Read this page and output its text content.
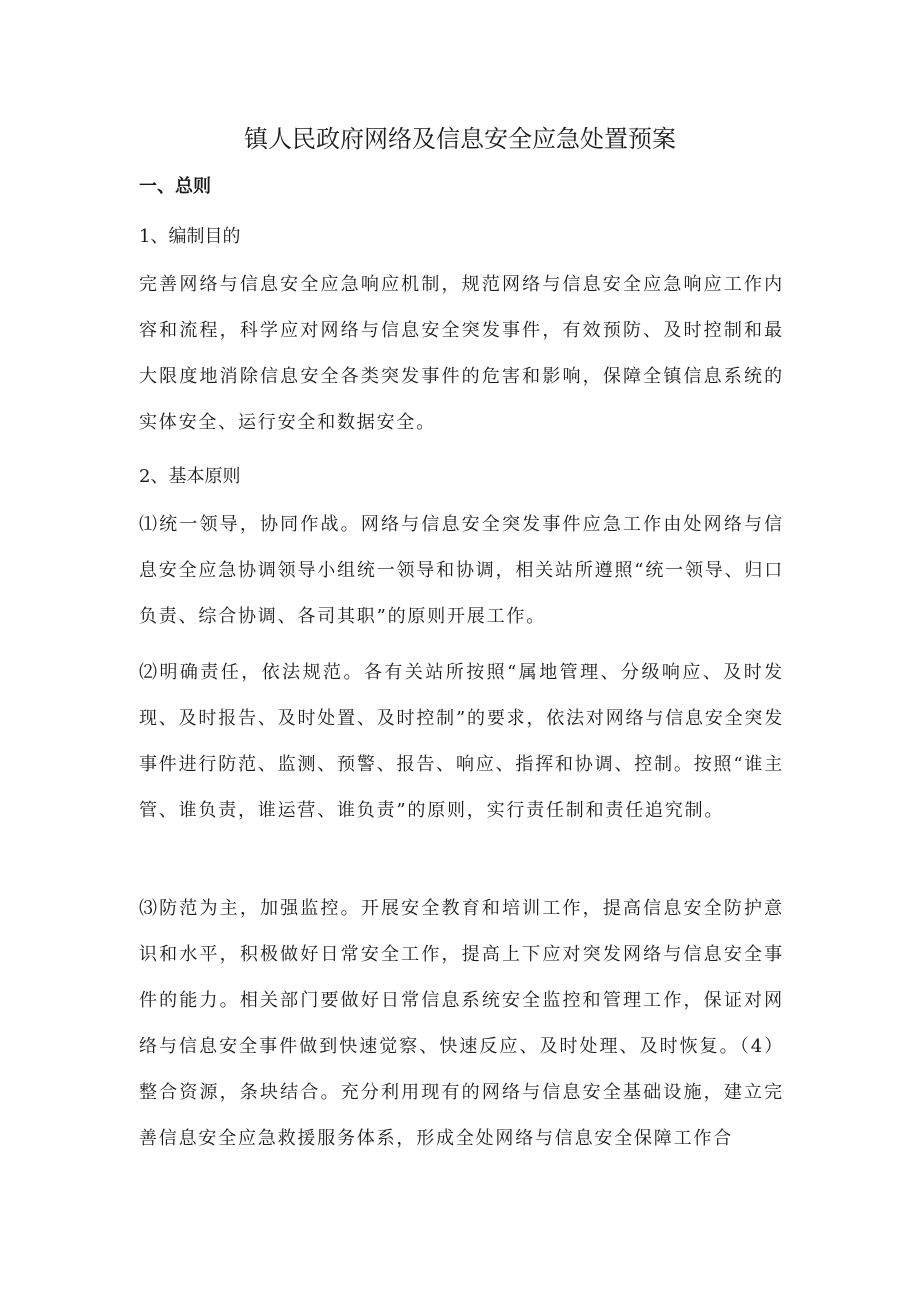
镇人民政府网络及信息安全应急处置预案
一、总则
1、编制目的

完善网络与信息安全应急响应机制，规范网络与信息安全应急响应工作内容和流程，科学应对网络与信息安全突发事件，有效预防、及时控制和最大限度地消除信息安全各类突发事件的危害和影响，保障全镇信息系统的实体安全、运行安全和数据安全。

2、基本原则

⑴统一领导，协同作战。网络与信息安全突发事件应急工作由处网络与信息安全应急协调领导小组统一领导和协调，相关站所遵照“统一领导、归口负责、综合协调、各司其职”的原则开展工作。

⑵明确责任，依法规范。各有关站所按照“属地管理、分级响应、及时发现、及时报告、及时处置、及时控制”的要求，依法对网络与信息安全突发事件进行防范、监测、预警、报告、响应、指挥和协调、控制。按照“谁主管、谁负责，谁运营、谁负责”的原则，实行责任制和责任追究制。

⑶防范为主，加强监控。开展安全教育和培训工作，提高信息安全防护意识和水平，积极做好日常安全工作，提高上下应对突发网络与信息安全事件的能力。相关部门要做好日常信息系统安全监控和管理工作，保证对网络与信息安全事件做到快速觉察、快速反应、及时处理、及时恢复。（4）整合资源，条块结合。充分利用现有的网络与信息安全基础设施，建立完善信息安全应急救援服务体系，形成全处网络与信息安全保障工作合
